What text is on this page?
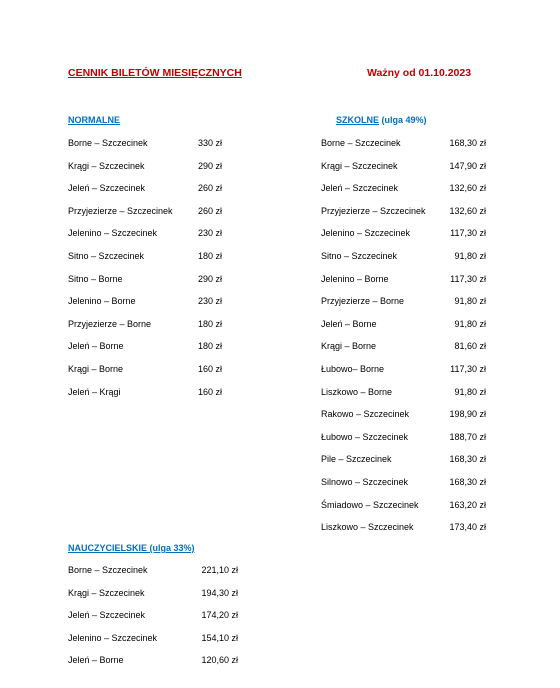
CENNIK BILETÓW MIESIĘCZNYCH	Ważny od 01.10.2023
NORMALNE
Borne – Szczecinek	330 zł
Krągi – Szczecinek	290 zł
Jeleń – Szczecinek	260 zł
Przyjezierze – Szczecinek	260 zł
Jelenino – Szczecinek	230 zł
Sitno – Szczecinek	180 zł
Sitno – Borne	290 zł
Jelenino – Borne	230 zł
Przyjezierze – Borne	180 zł
Jeleń – Borne	180 zł
Krągi – Borne	160 zł
Jeleń – Krągi	160 zł
SZKOLNE (ulga 49%)
Borne – Szczecinek	168,30 zł
Krągi – Szczecinek	147,90 zł
Jeleń – Szczecinek	132,60 zł
Przyjezierze – Szczecinek	132,60 zł
Jelenino – Szczecinek	117,30 zł
Sitno – Szczecinek	91,80 zł
Jelenino – Borne	117,30 zł
Przyjezierze – Borne	91,80 zł
Jeleń – Borne	91,80 zł
Krągi – Borne	81,60 zł
Łubowo– Borne	117,30 zł
Liszkowo – Borne	91,80 zł
Rakowo – Szczecinek	198,90 zł
Łubowo – Szczecinek	188,70 zł
Pile – Szczecinek	168,30 zł
Silnowo – Szczecinek	168,30 zł
Śmiadowo – Szczecinek	163,20 zł
Liszkowo – Szczecinek	173,40 zł
NAUCZYCIELSKIE (ulga 33%)
Borne – Szczecinek	221,10 zł
Krągi – Szczecinek	194,30 zł
Jeleń – Szczecinek	174,20 zł
Jelenino – Szczecinek	154,10 zł
Jeleń – Borne	120,60 zł
